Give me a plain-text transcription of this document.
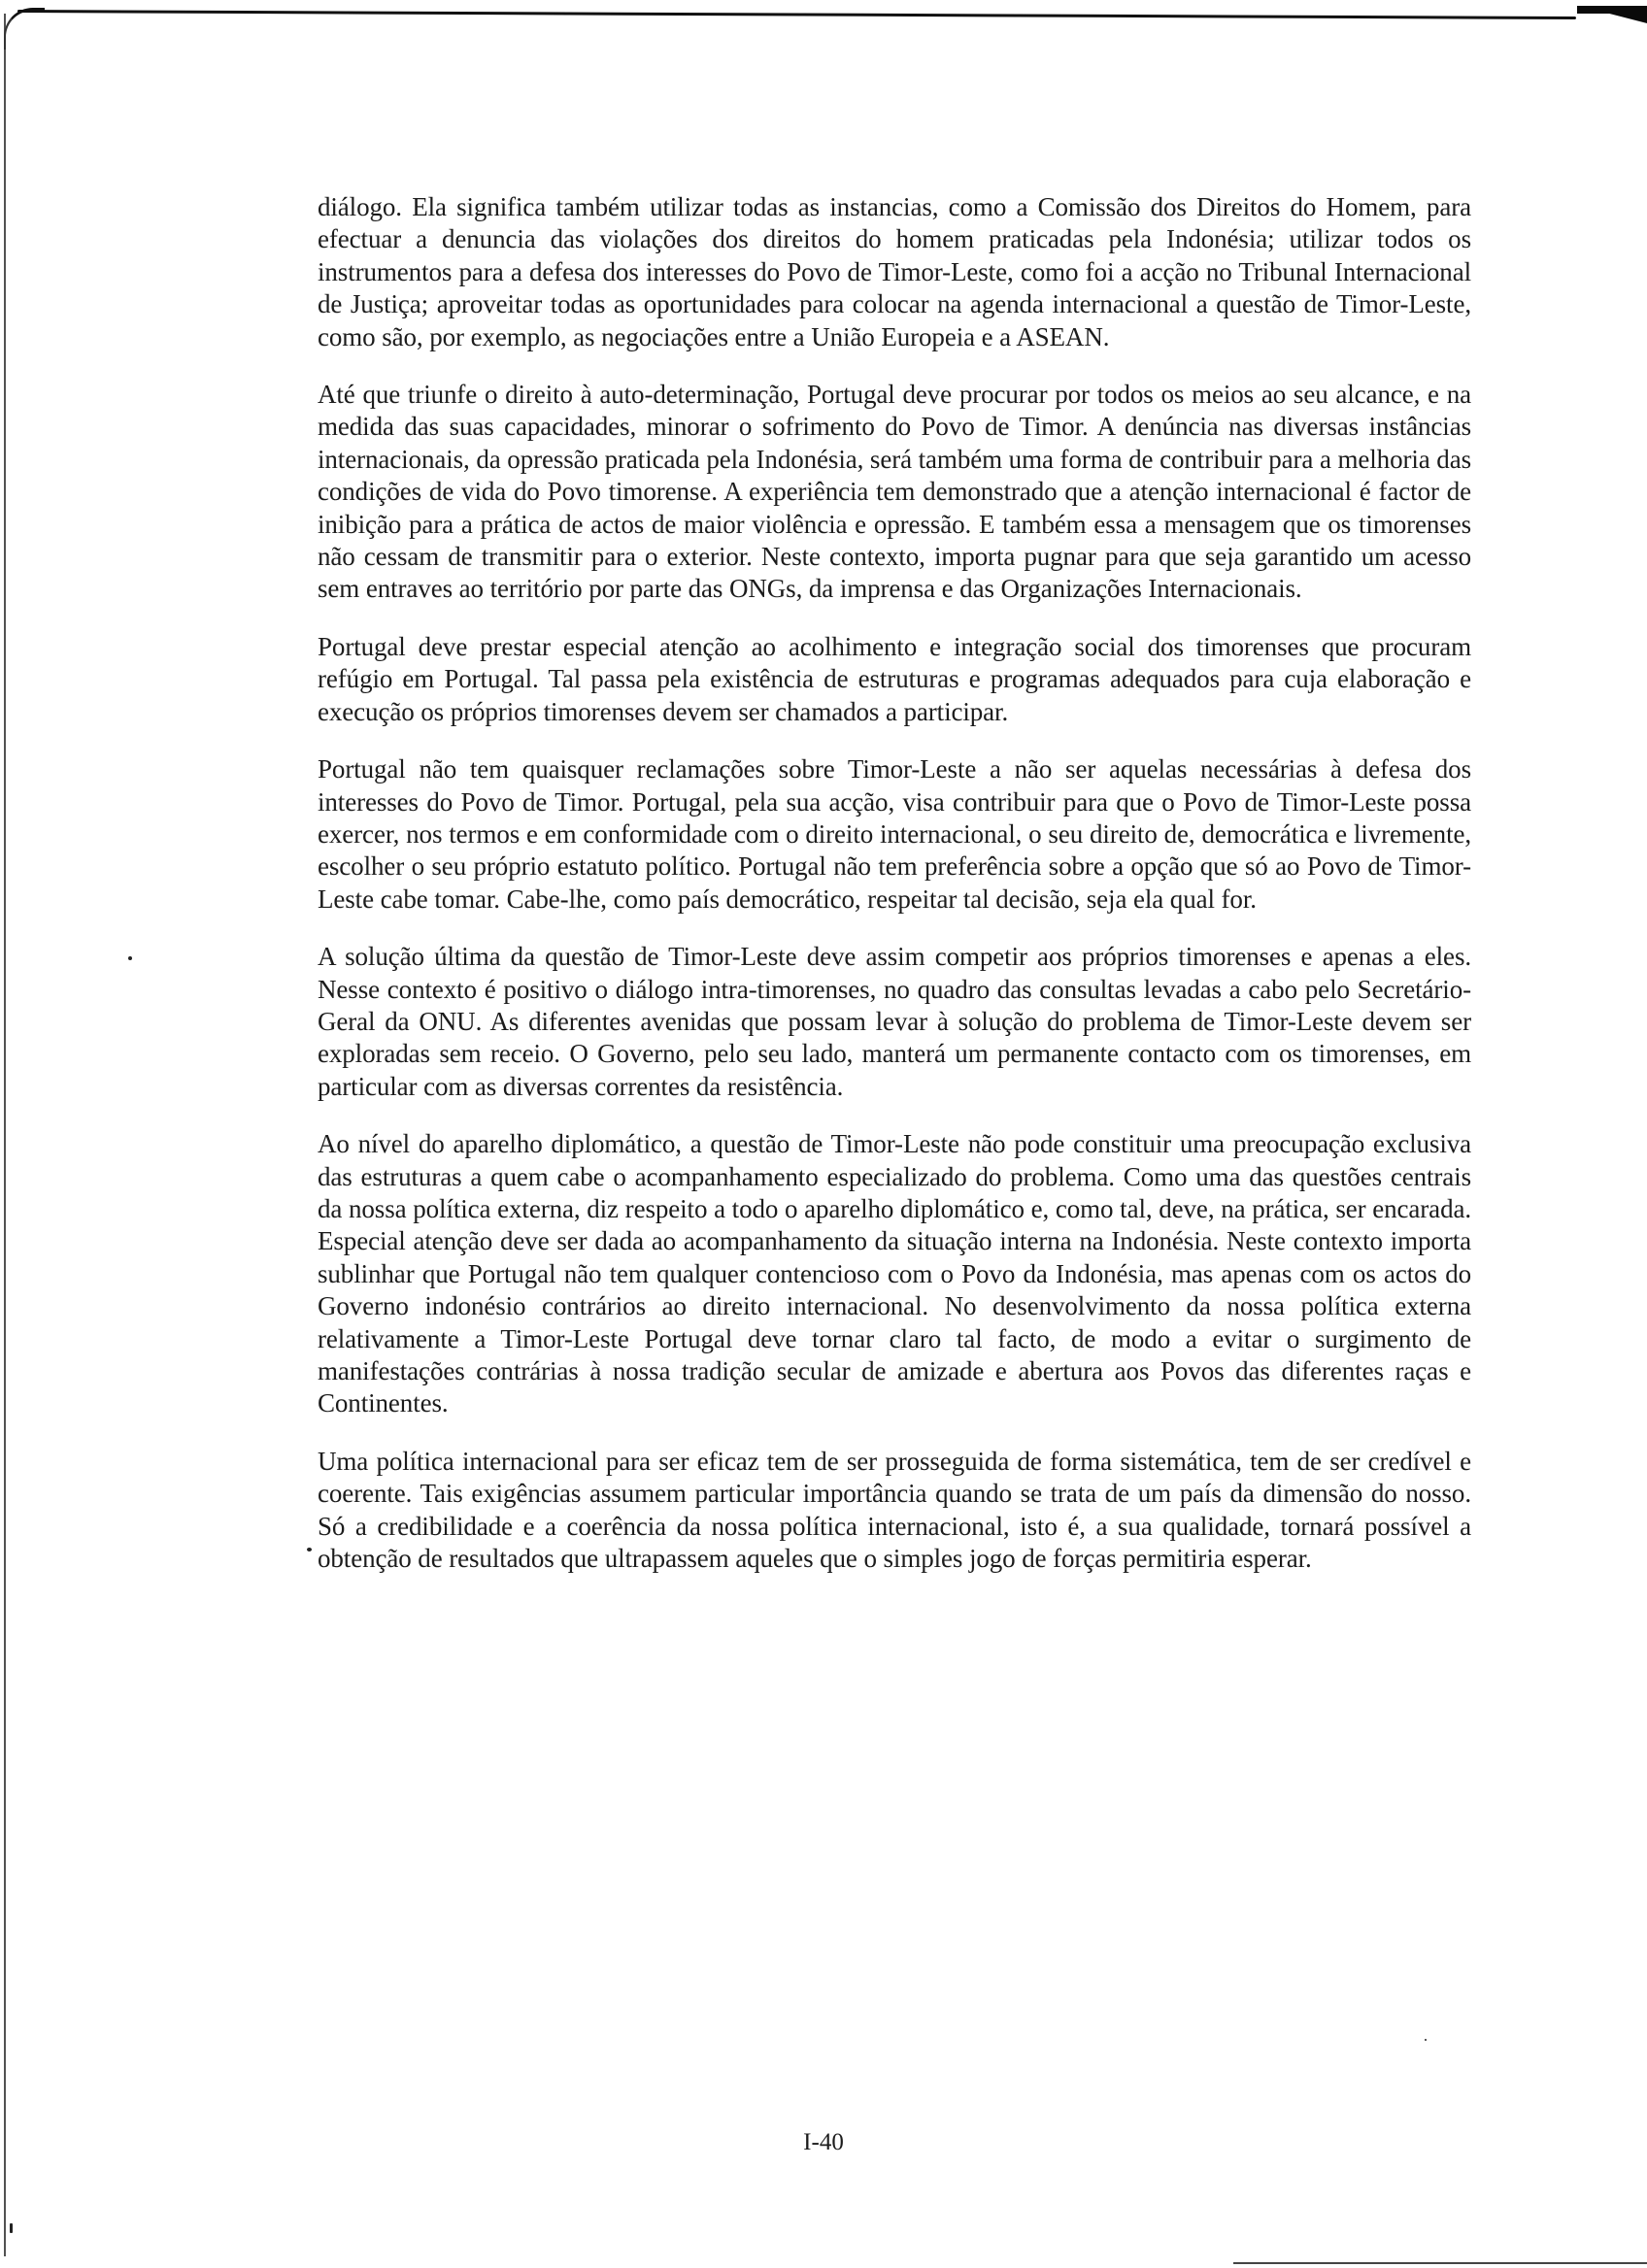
diálogo. Ela significa também utilizar todas as instancias, como a Comissão dos Direitos do Homem, para efectuar a denuncia das violações dos direitos do homem praticadas pela Indonésia; utilizar todos os instrumentos para a defesa dos interesses do Povo de Timor-Leste, como foi a acção no Tribunal Internacional de Justiça; aproveitar todas as oportunidades para colocar na agenda internacional a questão de Timor-Leste, como são, por exemplo, as negociações entre a União Europeia e a ASEAN.

Até que triunfe o direito à auto-determinação, Portugal deve procurar por todos os meios ao seu alcance, e na medida das suas capacidades, minorar o sofrimento do Povo de Timor. A denúncia nas diversas instâncias internacionais, da opressão praticada pela Indonésia, será também uma forma de contribuir para a melhoria das condições de vida do Povo timorense. A experiência tem demonstrado que a atenção internacional é factor de inibição para a prática de actos de maior violência e opressão. E também essa a mensagem que os timorenses não cessam de transmitir para o exterior. Neste contexto, importa pugnar para que seja garantido um acesso sem entraves ao território por parte das ONGs, da imprensa e das Organizações Internacionais.

Portugal deve prestar especial atenção ao acolhimento e integração social dos timorenses que procuram refúgio em Portugal. Tal passa pela existência de estruturas e programas adequados para cuja elaboração e execução os próprios timorenses devem ser chamados a participar.

Portugal não tem quaisquer reclamações sobre Timor-Leste a não ser aquelas necessárias à defesa dos interesses do Povo de Timor. Portugal, pela sua acção, visa contribuir para que o Povo de Timor-Leste possa exercer, nos termos e em conformidade com o direito internacional, o seu direito de, democrática e livremente, escolher o seu próprio estatuto político. Portugal não tem preferência sobre a opção que só ao Povo de Timor-Leste cabe tomar. Cabe-lhe, como país democrático, respeitar tal decisão, seja ela qual for.

A solução última da questão de Timor-Leste deve assim competir aos próprios timorenses e apenas a eles. Nesse contexto é positivo o diálogo intra-timorenses, no quadro das consultas levadas a cabo pelo Secretário-Geral da ONU. As diferentes avenidas que possam levar à solução do problema de Timor-Leste devem ser exploradas sem receio. O Governo, pelo seu lado, manterá um permanente contacto com os timorenses, em particular com as diversas correntes da resistência.

Ao nível do aparelho diplomático, a questão de Timor-Leste não pode constituir uma preocupação exclusiva das estruturas a quem cabe o acompanhamento especializado do problema. Como uma das questões centrais da nossa política externa, diz respeito a todo o aparelho diplomático e, como tal, deve, na prática, ser encarada. Especial atenção deve ser dada ao acompanhamento da situação interna na Indonésia. Neste contexto importa sublinhar que Portugal não tem qualquer contencioso com o Povo da Indonésia, mas apenas com os actos do Governo indonésio contrários ao direito internacional. No desenvolvimento da nossa política externa relativamente a Timor-Leste Portugal deve tornar claro tal facto, de modo a evitar o surgimento de manifestações contrárias à nossa tradição secular de amizade e abertura aos Povos das diferentes raças e Continentes.

Uma política internacional para ser eficaz tem de ser prosseguida de forma sistemática, tem de ser credível e coerente. Tais exigências assumem particular importância quando se trata de um país da dimensão do nosso. Só a credibilidade e a coerência da nossa política internacional, isto é, a sua qualidade, tornará possível a obtenção de resultados que ultrapassem aqueles que o simples jogo de forças permitiria esperar.

I-40
